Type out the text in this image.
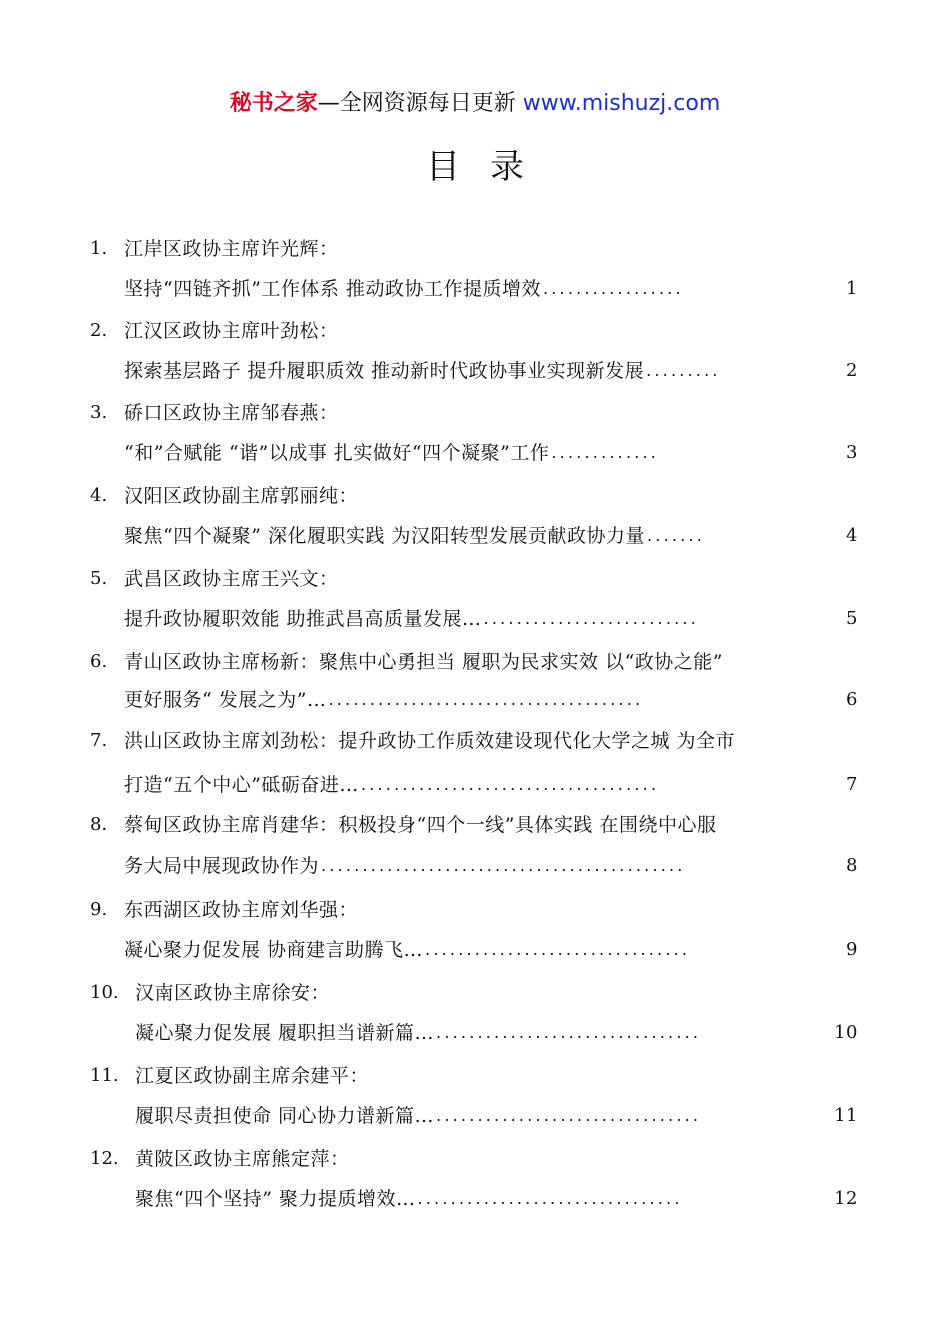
秘书之家—全网资源每日更新 www.mishuzj.com
目录
1. 江岸区政协主席许光辉：
坚持“四链齐抓”工作体系 推动政协工作提质增效 .................	1
2. 江汉区政协主席叶劲松：
探索基层路子 提升履职质效 推动新时代政协事业实现新发展 .........	2
3. 硚口区政协主席邹春燕：
“和”合赋能 “谐”以成事 扎实做好“四个凝聚”工作 .............	3
4. 汉阳区政协副主席郭丽纯：
聚焦“四个凝聚” 深化履职实践 为汉阳转型发展贡献政协力量 .......	4
5. 武昌区政协主席王兴文：
提升政协履职效能 助推武昌高质量发展… ..........................	5
6. 青山区政协主席杨新：聚焦中心勇担当 履职为民求实效 以“政协之能”
更好服务“ 发展之为”… ......................................	6
7. 洪山区政协主席刘劲松：提升政协工作质效建设现代化大学之城 为全市
打造“五个中心”砥砺奋进… ....................................	7
8． 蔡甸区政协主席肖建华：积极投身“四个一线”具体实践 在围绕中心服
务大局中展现政协作为 ............................................	8
9. 东西湖区政协主席刘华强：
凝心聚力促发展 协商建言助腾飞… ................................	9
10. 汉南区政协主席徐安：
凝心聚力促发展 履职担当谱新篇… ................................	10
11. 江夏区政协副主席余建平：
履职尽责担使命 同心协力谱新篇… ................................	11
12. 黄陂区政协主席熊定萍：
聚焦“四个坚持” 聚力提质增效… ................................	12
